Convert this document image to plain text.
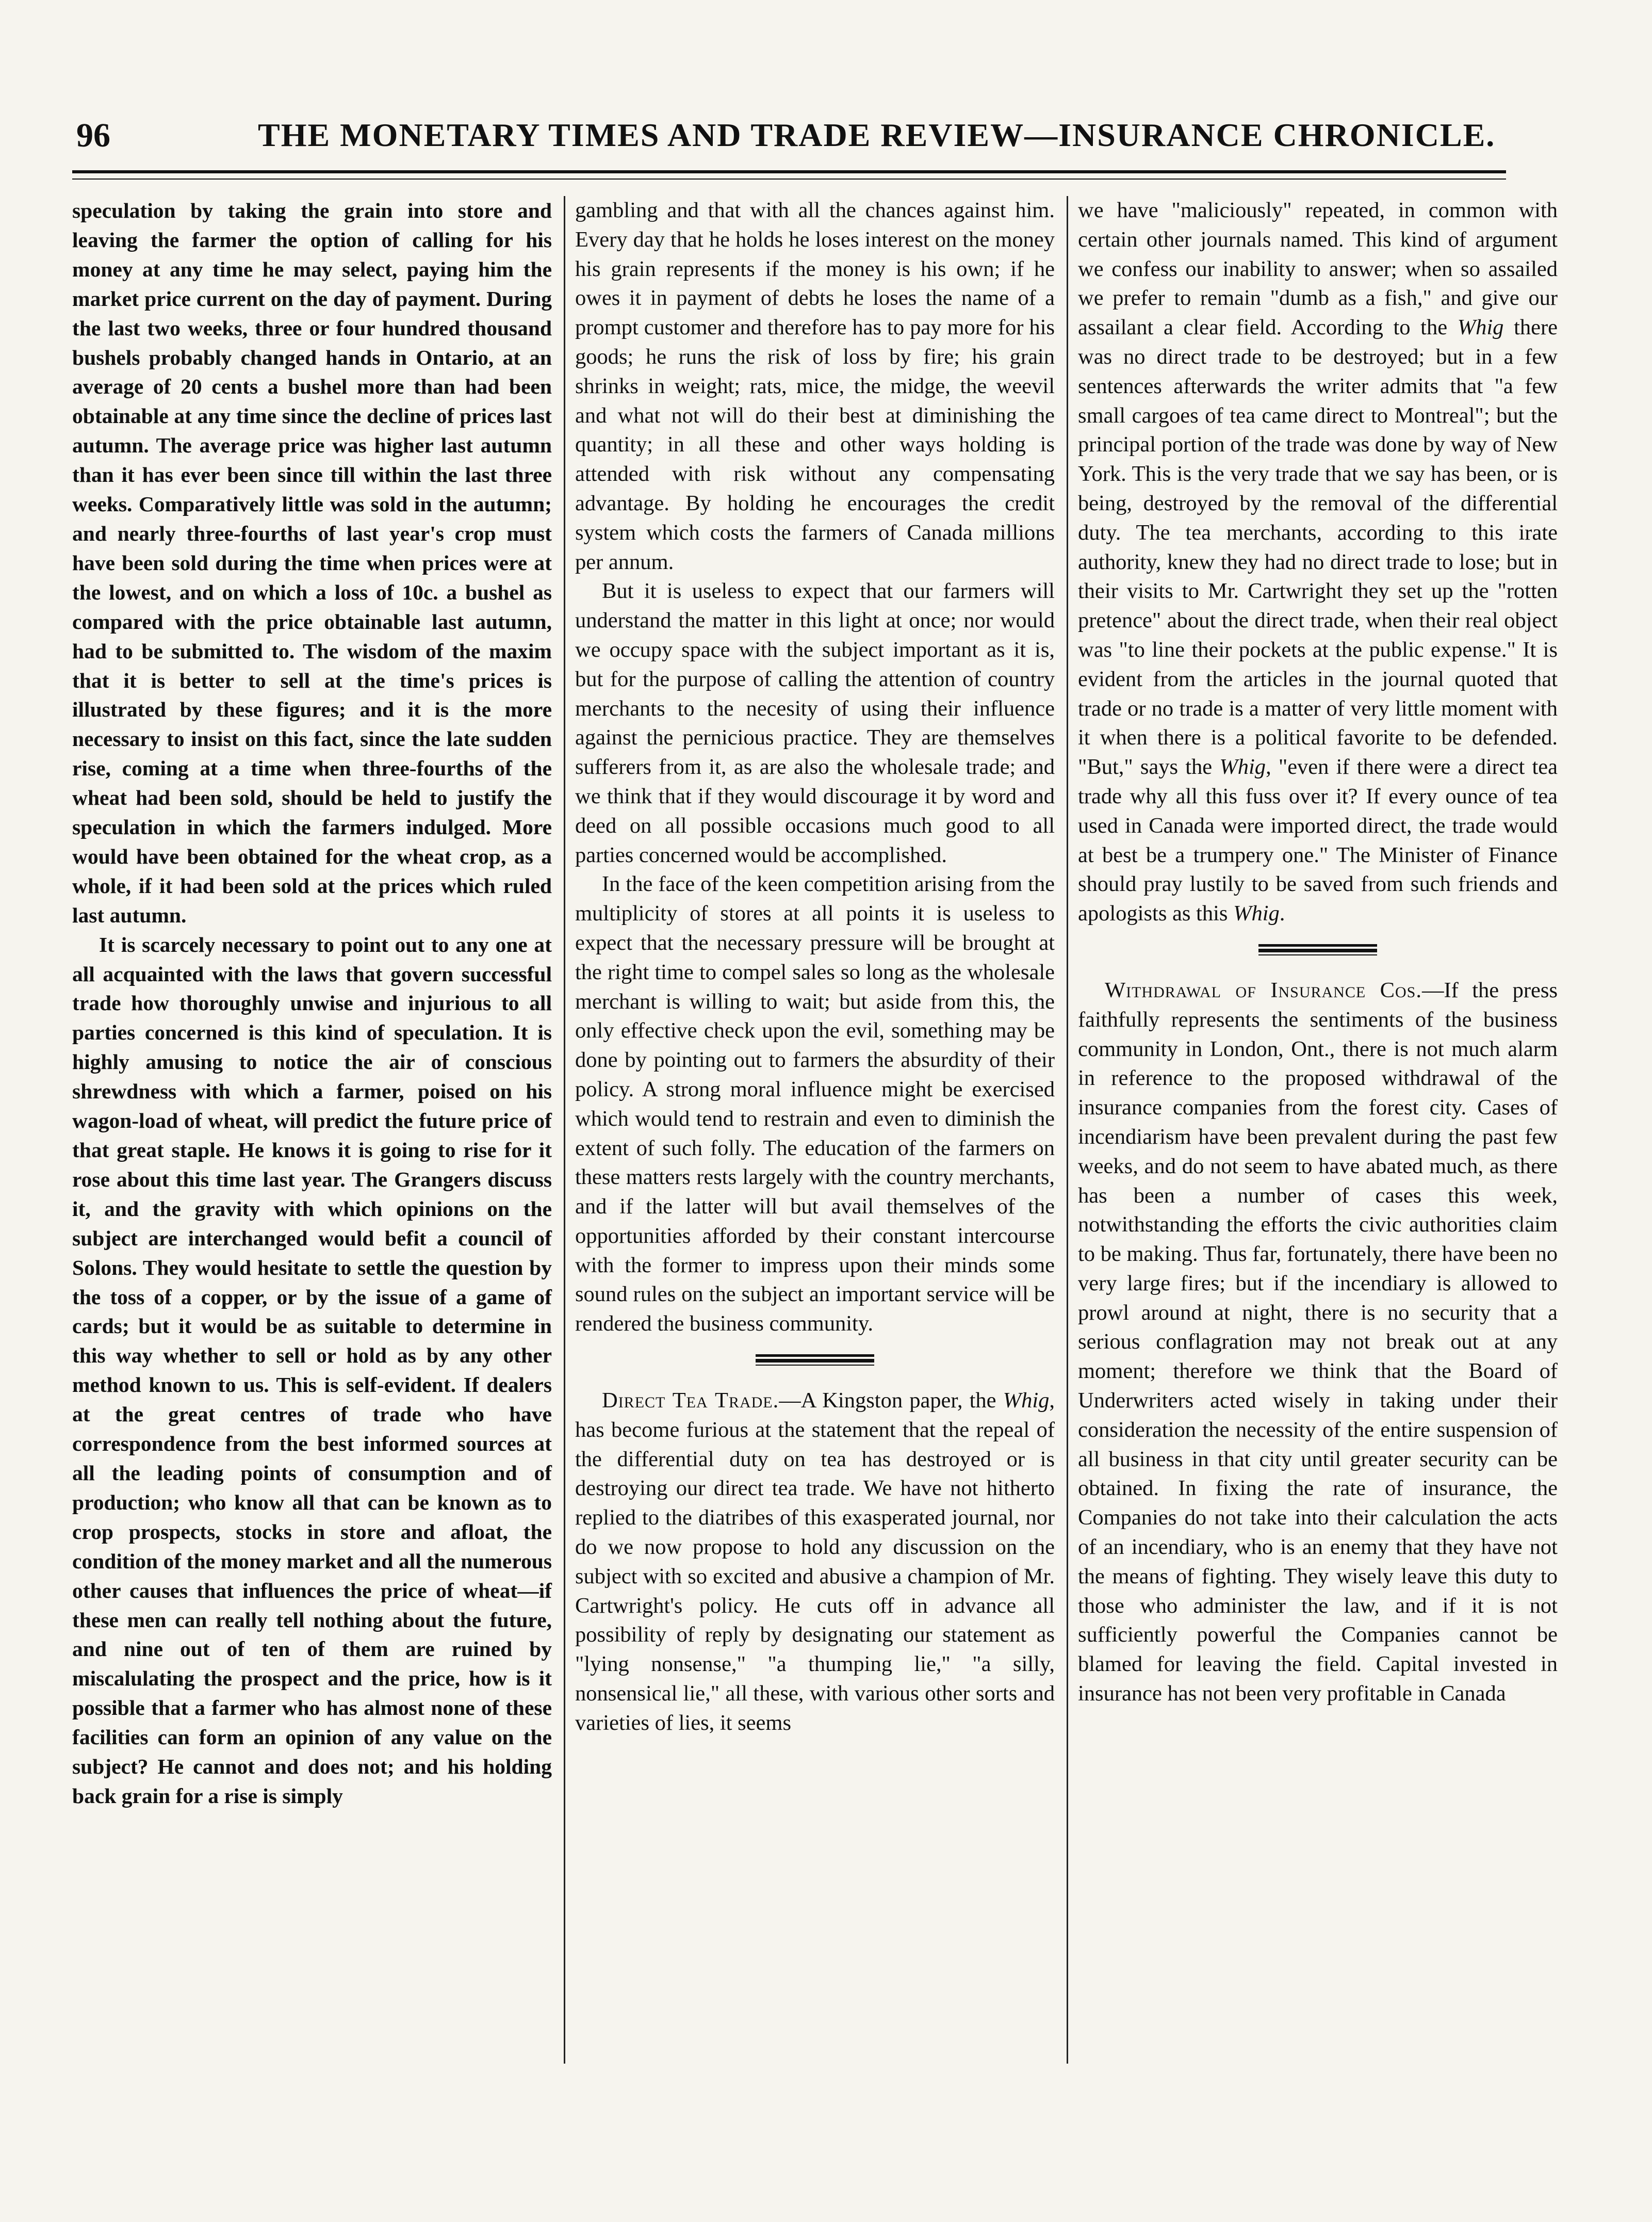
96	THE MONETARY TIMES AND TRADE REVIEW—INSURANCE CHRONICLE.

speculation by taking the grain into store and leaving the farmer the option of calling for his money at any time he may select, paying him the market price current on the day of payment. During the last two weeks, three or four hundred thousand bushels probably changed hands in Ontario, at an average of 20 cents a bushel more than had been obtainable at any time since the decline of prices last autumn. The average price was higher last autumn than it has ever been since till within the last three weeks. Comparatively little was sold in the autumn; and nearly three-fourths of last year's crop must have been sold during the time when prices were at the lowest, and on which a loss of 10c. a bushel as compared with the price obtainable last autumn, had to be submitted to. The wisdom of the maxim that it is better to sell at the time's prices is illustrated by these figures; and it is the more necessary to insist on this fact, since the late sudden rise, coming at a time when three-fourths of the wheat had been sold, should be held to justify the speculation in which the farmers indulged. More would have been obtained for the wheat crop, as a whole, if it had been sold at the prices which ruled last autumn.

It is scarcely necessary to point out to any one at all acquainted with the laws that govern successful trade how thoroughly unwise and injurious to all parties concerned is this kind of speculation. It is highly amusing to notice the air of conscious shrewdness with which a farmer, poised on his wagon-load of wheat, will predict the future price of that great staple. He knows it is going to rise for it rose about this time last year. The Grangers discuss it, and the gravity with which opinions on the subject are interchanged would befit a council of Solons. They would hesitate to settle the question by the toss of a copper, or by the issue of a game of cards; but it would be as suitable to determine in this way whether to sell or hold as by any other method known to us. This is self-evident. If dealers at the great centres of trade who have correspondence from the best informed sources at all the leading points of consumption and of production; who know all that can be known as to crop prospects, stocks in store and afloat, the condition of the money market and all the numerous other causes that influences the price of wheat—if these men can really tell nothing about the future, and nine out of ten of them are ruined by miscalulating the prospect and the price, how is it possible that a farmer who has almost none of these facilities can form an opinion of any value on the subject? He cannot and does not; and his holding back grain for a rise is simply

gambling and that with all the chances against him. Every day that he holds he loses interest on the money his grain represents if the money is his own; if he owes it in payment of debts he loses the name of a prompt customer and therefore has to pay more for his goods; he runs the risk of loss by fire; his grain shrinks in weight; rats, mice, the midge, the weevil and what not will do their best at diminishing the quantity; in all these and other ways holding is attended with risk without any compensating advantage. By holding he encourages the credit system which costs the farmers of Canada millions per annum.

But it is useless to expect that our farmers will understand the matter in this light at once; nor would we occupy space with the subject important as it is, but for the purpose of calling the attention of country merchants to the necesity of using their influence against the pernicious practice. They are themselves sufferers from it, as are also the wholesale trade; and we think that if they would discourage it by word and deed on all possible occasions much good to all parties concerned would be accomplished.

In the face of the keen competition arising from the multiplicity of stores at all points it is useless to expect that the necessary pressure will be brought at the right time to compel sales so long as the wholesale merchant is willing to wait; but aside from this, the only effective check upon the evil, something may be done by pointing out to farmers the absurdity of their policy. A strong moral influence might be exercised which would tend to restrain and even to diminish the extent of such folly. The education of the farmers on these matters rests largely with the country merchants, and if the latter will but avail themselves of the opportunities afforded by their constant intercourse with the former to impress upon their minds some sound rules on the subject an important service will be rendered the business community.

Direct Tea Trade.—A Kingston paper, the Whig, has become furious at the statement that the repeal of the differential duty on tea has destroyed or is destroying our direct tea trade. We have not hitherto replied to the diatribes of this exasperated journal, nor do we now propose to hold any discussion on the subject with so excited and abusive a champion of Mr. Cartwright's policy. He cuts off in advance all possibility of reply by designating our statement as "lying nonsense," "a thumping lie," "a silly, nonsensical lie," all these, with various other sorts and varieties of lies, it seems

we have "maliciously" repeated, in common with certain other journals named. This kind of argument we confess our inability to answer; when so assailed we prefer to remain "dumb as a fish," and give our assailant a clear field. According to the Whig there was no direct trade to be destroyed; but in a few sentences afterwards the writer admits that "a few small cargoes of tea came direct to Montreal"; but the principal portion of the trade was done by way of New York. This is the very trade that we say has been, or is being, destroyed by the removal of the differential duty. The tea merchants, according to this irate authority, knew they had no direct trade to lose; but in their visits to Mr. Cartwright they set up the "rotten pretence" about the direct trade, when their real object was "to line their pockets at the public expense." It is evident from the articles in the journal quoted that trade or no trade is a matter of very little moment with it when there is a political favorite to be defended. "But," says the Whig, "even if there were a direct tea trade why all this fuss over it? If every ounce of tea used in Canada were imported direct, the trade would at best be a trumpery one." The Minister of Finance should pray lustily to be saved from such friends and apologists as this Whig.

Withdrawal of Insurance Cos.—If the press faithfully represents the sentiments of the business community in London, Ont., there is not much alarm in reference to the proposed withdrawal of the insurance companies from the forest city. Cases of incendiarism have been prevalent during the past few weeks, and do not seem to have abated much, as there has been a number of cases this week, notwithstanding the efforts the civic authorities claim to be making. Thus far, fortunately, there have been no very large fires; but if the incendiary is allowed to prowl around at night, there is no security that a serious conflagration may not break out at any moment; therefore we think that the Board of Underwriters acted wisely in taking under their consideration the necessity of the entire suspension of all business in that city until greater security can be obtained. In fixing the rate of insurance, the Companies do not take into their calculation the acts of an incendiary, who is an enemy that they have not the means of fighting. They wisely leave this duty to those who administer the law, and if it is not sufficiently powerful the Companies cannot be blamed for leaving the field. Capital invested in insurance has not been very profitable in Canada
